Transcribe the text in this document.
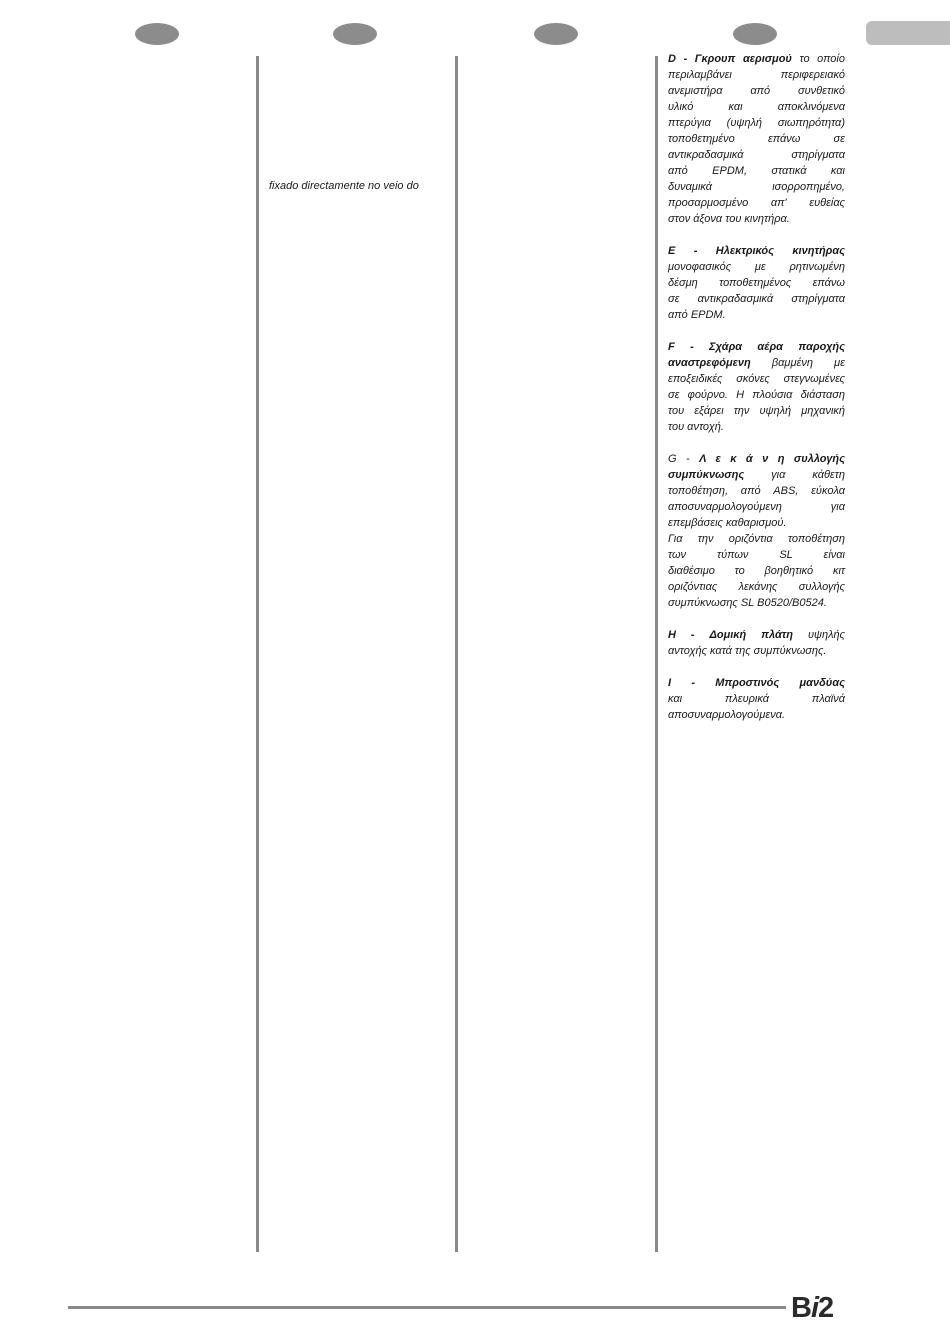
fixado directamente no veio do
D - Γκρουπ αερισμού το οποίο
περιλαμβάνει περιφερειακό
ανεμιστήρα από συνθετικό
υλικό και αποκλινόμενα
πτερύγια (υψηλή σιωπηρότητα)
τοποθετημένο επάνω σε
αντικραδασμικά στηρίγματα
από EPDM, στατικά και
δυναμικά ισορροπημένο,
προσαρμοσμένο απ' ευθείας
στον άξονα του κινητήρα.
E - Ηλεκτρικός κινητήρας
μονοφασικός με ρητινωμένη
δέσμη τοποθετημένος επάνω
σε αντικραδασμικά στηρίγματα
από EPDM.
F - Σχάρα αέρα παροχής
αναστρεφόμενη βαμμένη με
εποξειδικές σκόνες στεγνωμένες
σε φούρνο. Η πλούσια διάσταση
του εξάρει την υψηλή μηχανική
του αντοχή.
G - Λ ε κ ά ν η συλλογής
συμπύκνωσης για κάθετη
τοποθέτηση, από ABS, εύκολα
αποσυναρμολογούμενη για
επεμβάσεις καθαρισμού.
Για την οριζόντια τοποθέτηση
των τύπων SL είναι
διαθέσιμο το βοηθητικό κιτ
οριζόντιας λεκάνης συλλογής
συμπύκνωσης SL B0520/B0524.
H - Δομική πλάτη υψηλής
αντοχής κατά της συμπύκνωσης.
I - Μπροστινός μανδύας
και πλευρικά πλαϊνά
αποσυναρμολογούμενα.
Bi2
